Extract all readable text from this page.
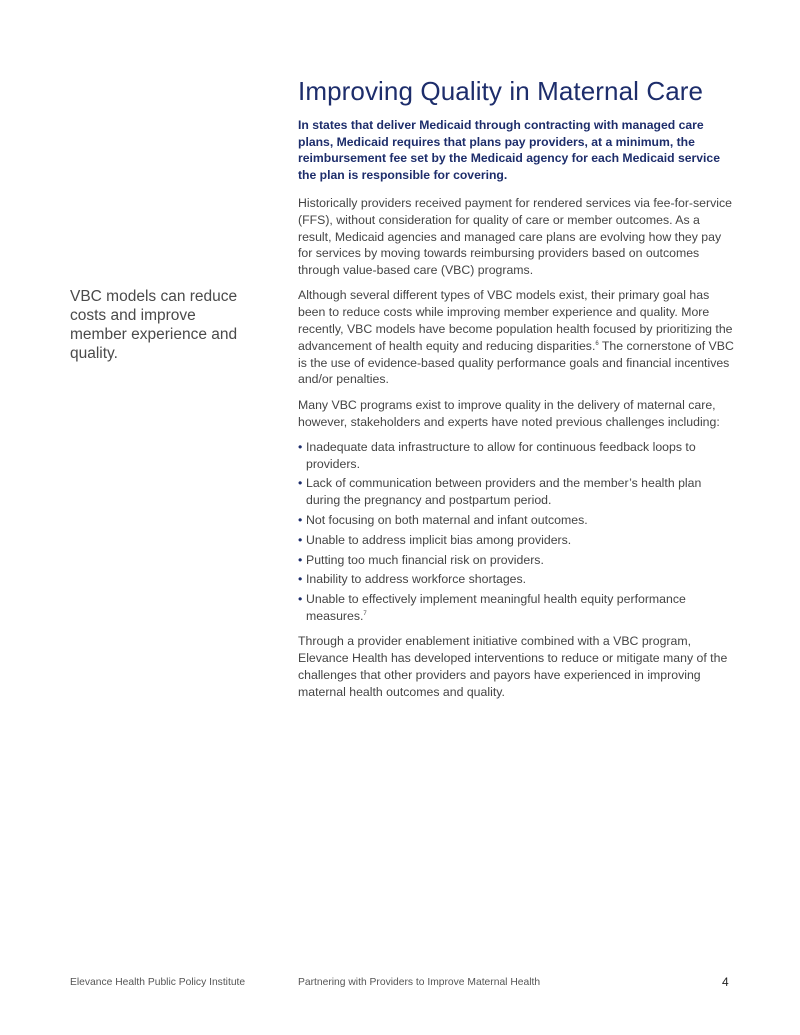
Improving Quality in Maternal Care

In states that deliver Medicaid through contracting with managed care plans, Medicaid requires that plans pay providers, at a minimum, the reimbursement fee set by the Medicaid agency for each Medicaid service the plan is responsible for covering.

VBC models can reduce costs and improve member experience and quality.

Historically providers received payment for rendered services via fee-for-service (FFS), without consideration for quality of care or member outcomes. As a result, Medicaid agencies and managed care plans are evolving how they pay for services by moving towards reimbursing providers based on outcomes through value-based care (VBC) programs.

Although several different types of VBC models exist, their primary goal has been to reduce costs while improving member experience and quality. More recently, VBC models have become population health focused by prioritizing the advancement of health equity and reducing disparities.$^6$ The cornerstone of VBC is the use of evidence-based quality performance goals and financial incentives and/or penalties.

Many VBC programs exist to improve quality in the delivery of maternal care, however, stakeholders and experts have noted previous challenges including:

• Inadequate data infrastructure to allow for continuous feedback loops to providers.
• Lack of communication between providers and the member’s health plan during the pregnancy and postpartum period.
• Not focusing on both maternal and infant outcomes.
• Unable to address implicit bias among providers.
• Putting too much financial risk on providers.
• Inability to address workforce shortages.
• Unable to effectively implement meaningful health equity performance measures.$^7$

Through a provider enablement initiative combined with a VBC program, Elevance Health has developed interventions to reduce or mitigate many of the challenges that other providers and payors have experienced in improving maternal health outcomes and quality.

Elevance Health Public Policy Institute	Partnering with Providers to Improve Maternal Health	4
